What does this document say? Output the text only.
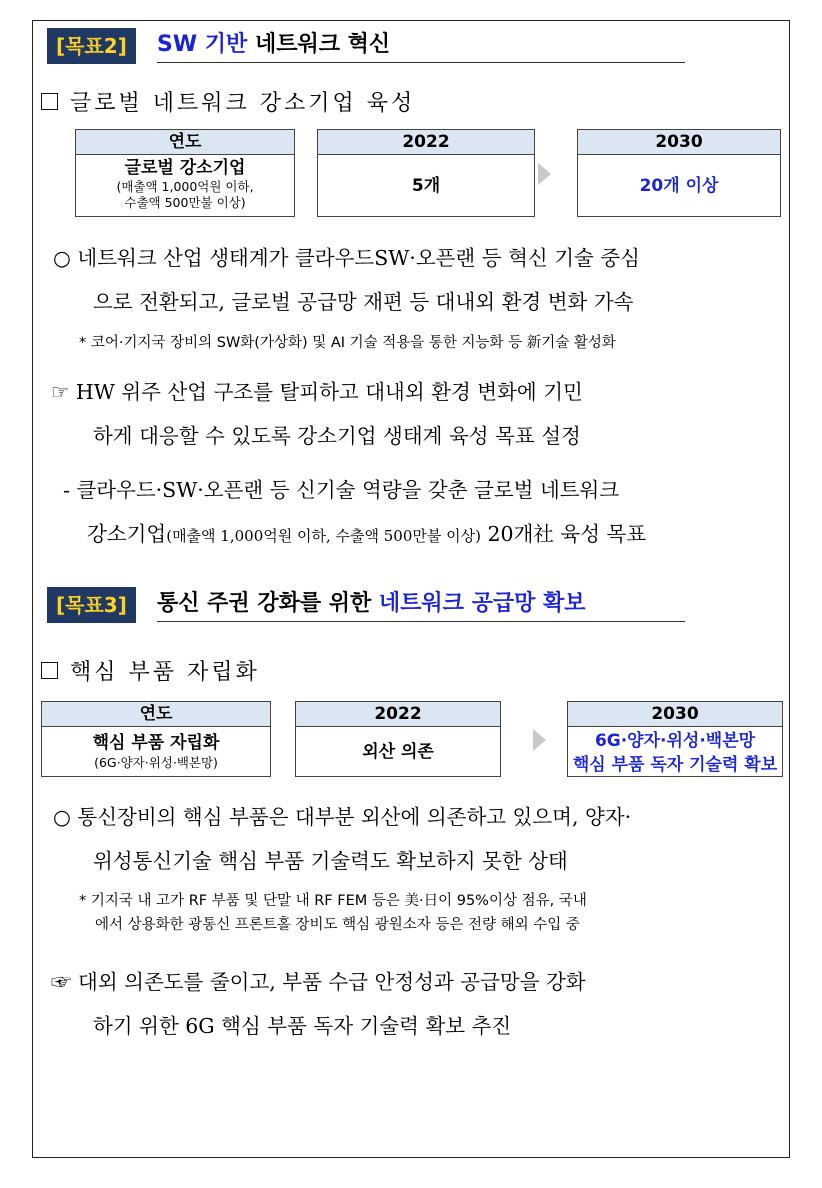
[목표2]	SW 기반 네트워크 혁신
글로벌 네트워크 강소기업 육성
연도
글로벌 강소기업
(매출액 1,000억원 이하,
수출액 500만불 이상)
2022
5개
2030
20개 이상
○ 네트워크 산업 생태계가 클라우드SW·오픈랜 등 혁신 기술 중심
으로 전환되고, 글로벌 공급망 재편 등 대내외 환경 변화 가속
* 코어·기지국 장비의 SW화(가상화) 및 AI 기술 적용을 통한 지능화 등 新기술 활성화
☞ HW 위주 산업 구조를 탈피하고 대내외 환경 변화에 기민
하게 대응할 수 있도록 강소기업 생태계 육성 목표 설정
- 클라우드·SW·오픈랜 등 신기술 역량을 갖춘 글로벌 네트워크
강소기업(매출액 1,000억원 이하, 수출액 500만불 이상) 20개社 육성 목표
[목표3]	통신 주권 강화를 위한 네트워크 공급망 확보
핵심 부품 자립화
연도
핵심 부품 자립화
(6G·양자·위성·백본망)
2022
외산 의존
2030
6G·양자·위성·백본망
핵심 부품 독자 기술력 확보
○ 통신장비의 핵심 부품은 대부분 외산에 의존하고 있으며, 양자·
위성통신기술 핵심 부품 기술력도 확보하지 못한 상태
* 기지국 내 고가 RF 부품 및 단말 내 RF FEM 등은 美·日이 95%이상 점유, 국내
에서 상용화한 광통신 프론트홀 장비도 핵심 광원소자 등은 전량 해외 수입 중
☞ 대외 의존도를 줄이고, 부품 수급 안정성과 공급망을 강화
하기 위한 6G 핵심 부품 독자 기술력 확보 추진
